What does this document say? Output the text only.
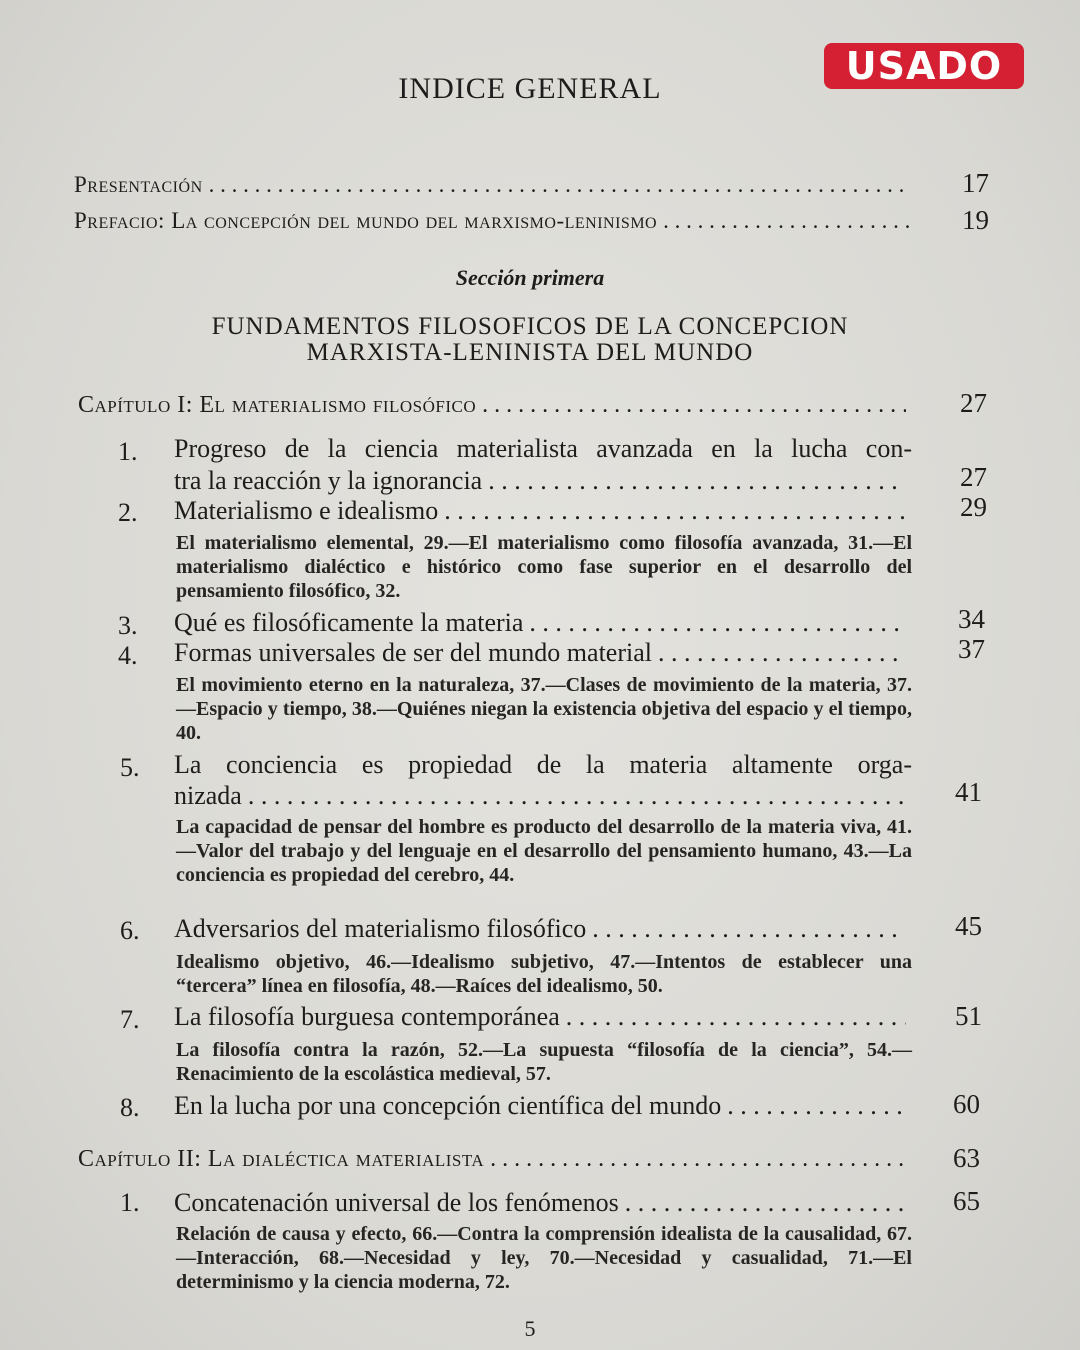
USADO
INDICE GENERAL
Presentación . . .	17
Prefacio: La concepción del mundo del marxismo-leninismo . . .	19
Sección primera
FUNDAMENTOS FILOSOFICOS DE LA CONCEPCION
MARXISTA-LENINISTA DEL MUNDO
Capítulo I: El materialismo filosófico . . .	27
1. Progreso de la ciencia materialista avanzada en la lucha con-
tra la reacción y la ignorancia . . .	27
2. Materialismo e idealismo . . .	29
El materialismo elemental, 29.—El materialismo como filosofía avanzada, 31.—El materialismo dialéctico e histórico como fase superior en el desarrollo del pensamiento filosófico, 32.
3. Qué es filosóficamente la materia . . .	34
4. Formas universales de ser del mundo material . . .	37
El movimiento eterno en la naturaleza, 37.—Clases de movimiento de la materia, 37.—Espacio y tiempo, 38.—Quiénes niegan la existencia objetiva del espacio y el tiempo, 40.
5. La conciencia es propiedad de la materia altamente orga-
nizada . . .	41
La capacidad de pensar del hombre es producto del desarrollo de la materia viva, 41.—Valor del trabajo y del lenguaje en el desarrollo del pensamiento humano, 43.—La conciencia es propiedad del cerebro, 44.
6. Adversarios del materialismo filosófico . . .	45
Idealismo objetivo, 46.—Idealismo subjetivo, 47.—Intentos de establecer una “tercera” línea en filosofía, 48.—Raíces del idealismo, 50.
7. La filosofía burguesa contemporánea . . .	51
La filosofía contra la razón, 52.—La supuesta “filosofía de la ciencia”, 54.—Renacimiento de la escolástica medieval, 57.
8. En la lucha por una concepción científica del mundo . . .	60
Capítulo II: La dialéctica materialista . . .	63
1. Concatenación universal de los fenómenos . . .	65
Relación de causa y efecto, 66.—Contra la comprensión idealista de la causalidad, 67.—Interacción, 68.—Necesidad y ley, 70.—Necesidad y casualidad, 71.—El determinismo y la ciencia moderna, 72.
5
